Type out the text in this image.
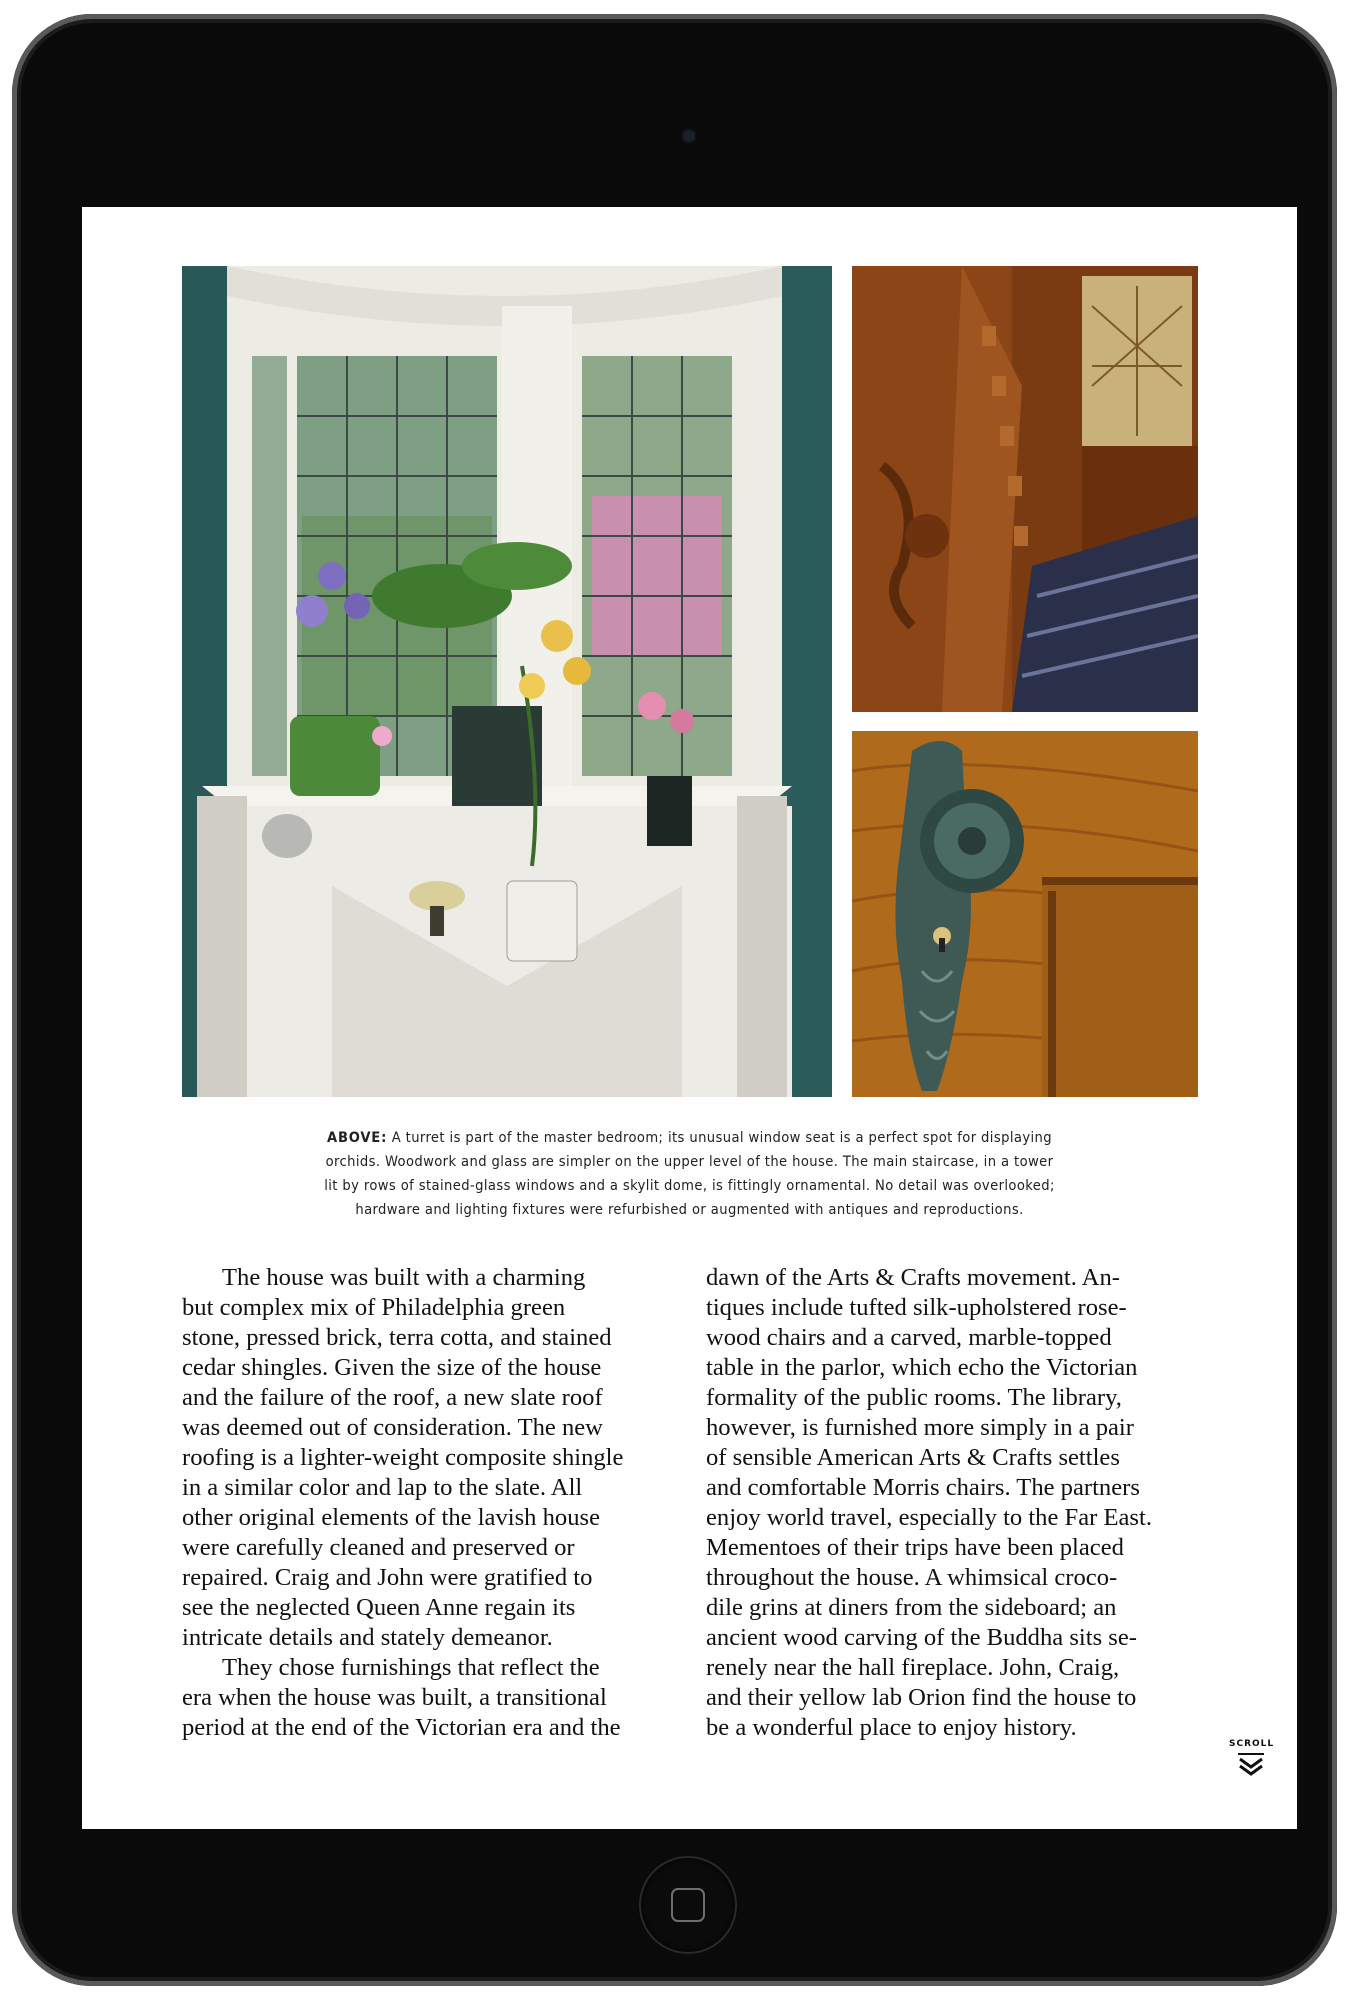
ABOVE: A turret is part of the master bedroom; its unusual window seat is a perfect spot for displaying
orchids. Woodwork and glass are simpler on the upper level of the house. The main staircase, in a tower
lit by rows of stained-glass windows and a skylit dome, is fittingly ornamental. No detail was overlooked;
hardware and lighting fixtures were refurbished or augmented with antiques and reproductions.

The house was built with a charming

but complex mix of Philadelphia green

stone, pressed brick, terra cotta, and stained

cedar shingles. Given the size of the house

and the failure of the roof, a new slate roof

was deemed out of consideration. The new

roofing is a lighter-weight composite shingle

in a similar color and lap to the slate. All

other original elements of the lavish house

were carefully cleaned and preserved or

repaired. Craig and John were gratified to

see the neglected Queen Anne regain its

intricate details and stately demeanor.

They chose furnishings that reflect the

era when the house was built, a transitional

period at the end of the Victorian era and the

dawn of the Arts & Crafts movement. An-

tiques include tufted silk-upholstered rose-

wood chairs and a carved, marble-topped

table in the parlor, which echo the Victorian

formality of the public rooms. The library,

however, is furnished more simply in a pair

of sensible American Arts & Crafts settles

and comfortable Morris chairs. The partners

enjoy world travel, especially to the Far East.

Mementoes of their trips have been placed

throughout the house. A whimsical croco-

dile grins at diners from the sideboard; an

ancient wood carving of the Buddha sits se-

renely near the hall fireplace. John, Craig,

and their yellow lab Orion find the house to

be a wonderful place to enjoy history.

SCROLL
